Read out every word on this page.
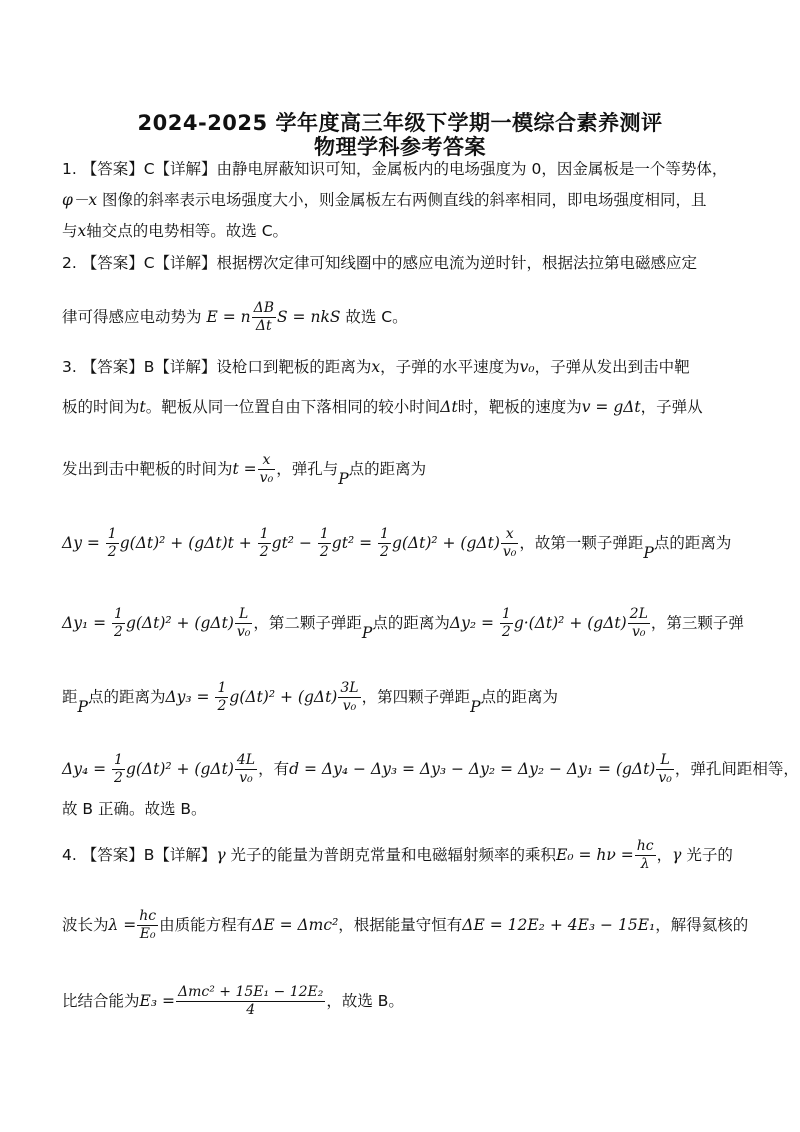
2024-2025 学年度高三年级下学期一模综合素养测评
物理学科参考答案
1. 【答案】C【详解】由静电屏蔽知识可知，金属板内的电场强度为 0，因金属板是一个等势体，
φ－x 图像的斜率表示电场强度大小，则金属板左右两侧直线的斜率相同，即电场强度相同，且
与x轴交点的电势相等。故选 C。
2. 【答案】C【详解】根据楞次定律可知线圈中的感应电流为逆时针，根据法拉第电磁感应定
律可得感应电动势为 E = n $\frac{\Delta B}{\Delta t}$ S = nkS 故选 C。
3. 【答案】B【详解】设枪口到靶板的距离为x，子弹的水平速度为v₀，子弹从发出到击中靶
板的时间为t。靶板从同一位置自由下落相同的较小时间Δt时，靶板的速度为v = gΔt，子弹从
发出到击中靶板的时间为$t = \frac{x}{\text{v₀}}$ ，弹孔与P点的距离为
$\Delta y = \frac{1}{2} g(\Delta t)^2 + (g\Delta t)t + \frac{1}{2} gt^2 - \frac{1}{2} gt^2 = \frac{1}{2} g(\Delta t)^2 + (g\Delta t) \frac{x}{\text{v₀}}$ ，故第一颗子弹距P点的距离为
$\Delta y_1 = \frac{1}{2} g(\Delta t)^2 + (g\Delta t) \frac{L}{\text{v₀}}$ ，第二颗子弹距P点的距离为$\Delta y_2 = \frac{1}{2} g\cdot(\Delta t)^2 + (g\Delta t) \frac{2L}{\text{v₀}}$ ，第三颗子弹
距P点的距离为$\Delta y_3 = \frac{1}{2} g(\Delta t)^2 + (g\Delta t) \frac{3L}{\text{v₀}}$ ，第四颗子弹距P点的距离为
$\Delta y_4 = \frac{1}{2} g(\Delta t)^2 + (g\Delta t) \frac{4L}{\text{v₀}}$ ，有$d = \Delta y_4 - \Delta y_3 = \Delta y_3 - \Delta y_2 = \Delta y_2 - \Delta y_1 = (g\Delta t) \frac{L}{\text{v₀}}$ ，弹孔间距相等，
故 B 正确。故选 B。
4. 【答案】B【详解】γ 光子的能量为普朗克常量和电磁辐射频率的乘积$E_0 = h\nu = \frac{hc}{\lambda}$ ，γ 光子的
波长为$\lambda = \frac{hc}{\text{E₀}}$ 由质能方程有ΔE = Δmc²，根据能量守恒有ΔE = 12E₂ + 4E₃ − 15E₁，解得氦核的
比结合能为E₃ = Δmc² + 15E₁ − 12E₂
4	，故选 B。
